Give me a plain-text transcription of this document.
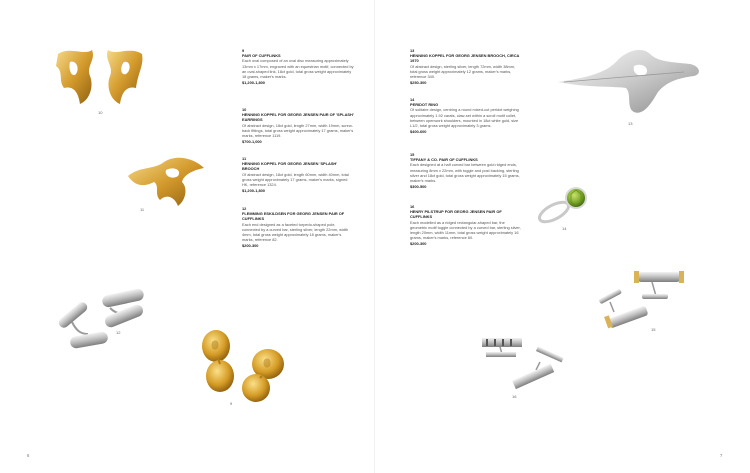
10
11
12
9
13
14
15
16
9
PAIR OF CUFFLINKS
Each oval composed of an oval disc measuring approximately 13mm x 17mm, engraved with an equestrian motif, connected by an oval-shaped link, 18ct gold, total gross weight approximately 18 grams, maker's marks.
$1,200-1,800
10
HENNING KOPPEL FOR GEORG JENSEN PAIR OF 'SPLASH' EARRINGS
Of abstract design, 18ct gold, length 27mm, width 19mm, screw-back fittings, total gross weight approximately 17 grams, maker's marks, reference 1119.
$700-1,000
11
HENNING KOPPEL FOR GEORG JENSEN 'SPLASH' BROOCH
Of abstract design, 18ct gold, length 60mm, width 40mm, total gross weight approximately 17 grams, maker's marks, signed HK, reference 1324.
$1,200-1,800
12
FLEMMING ESKILDSEN FOR GEORG JENSEN PAIR OF CUFFLINKS
Each end designed as a faceted torpedo-shaped pole, connected by a curved bar, sterling silver, length 22mm, width 4mm, total gross weight approximately 18 grams, maker's marks, reference 82.
$200-300
13
HENNING KOPPEL FOR GEORG JENSEN BROOCH, CIRCA 1970
Of abstract design, sterling silver, length 72mm, width 38mm, total gross weight approximately 12 grams, maker's marks, reference 340.
$250-300
14
PERIDOT RING
Of solitaire design, centring a round mixed-cut peridot weighing approximately 1.92 carats, claw-set within a scroll motif collet, between openwork shoulders, mounted in 18ct white gold, size L1/2, total gross weight approximately 3 grams.
$400-600
15
TIFFANY & CO. PAIR OF CUFFLINKS
Each designed at a half curved bar between gold ridged ends, measuring 8mm x 22mm, with toggle and post backing, sterling silver and 18ct gold, total gross weight approximately 15 grams, maker's marks.
$300-500
16
HENRY PILSTRUP FOR GEORG JENSEN PAIR OF CUFFLINKS
Each modelled as a ridged rectangular-shaped bar, the geometric motif toggle connected by a curved bar, sterling silver, length 20mm, width 11mm, total gross weight approximately 16 grams, maker's marks, reference 60.
$200-300
6	7
